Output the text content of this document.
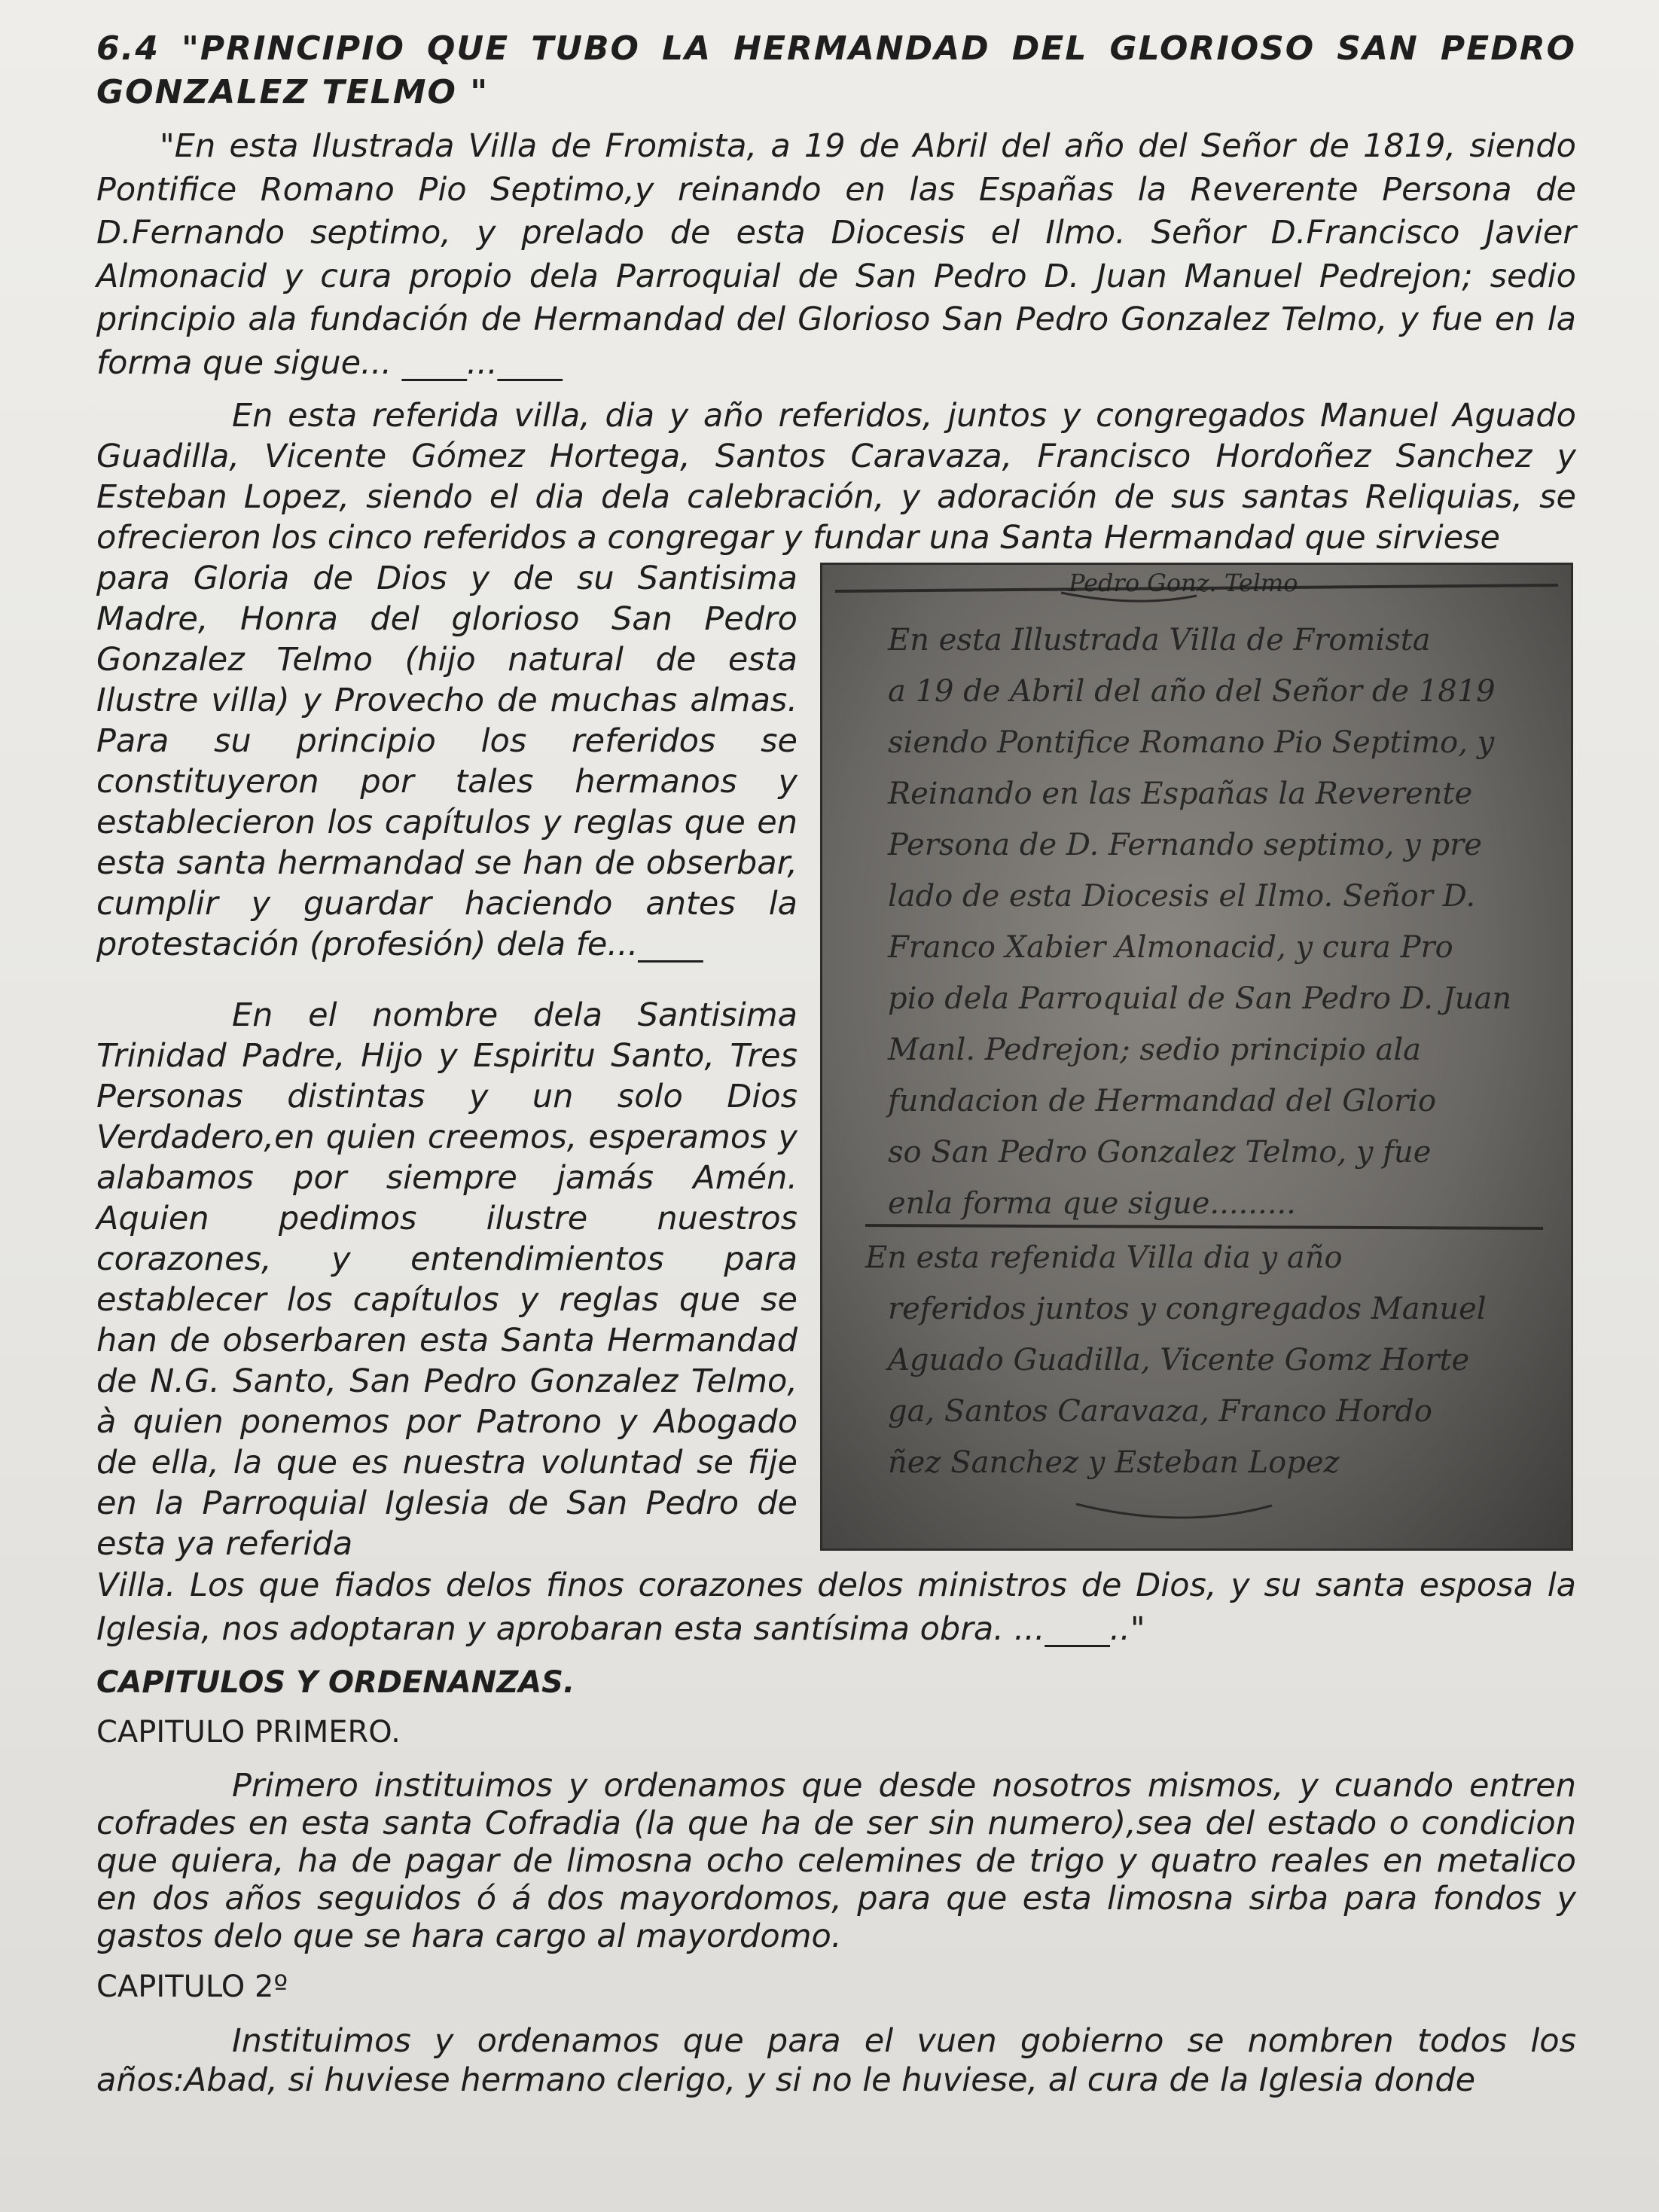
6.4 "PRINCIPIO QUE TUBO LA HERMANDAD DEL GLORIOSO SAN PEDRO GONZALEZ TELMO "

"En esta Ilustrada Villa de Fromista, a 19 de Abril del año del Señor de 1819, siendo Pontifice Romano Pio Septimo,y reinando en las Españas la Reverente Persona de D.Fernando septimo, y prelado de esta Diocesis el Ilmo. Señor D.Francisco Javier Almonacid y cura propio dela Parroquial de San Pedro D. Juan Manuel Pedrejon; sedio principio ala fundación de Hermandad del Glorioso San Pedro Gonzalez Telmo, y fue en la forma que sigue... ____...____

En esta referida villa, dia y año referidos, juntos y congregados Manuel Aguado Guadilla, Vicente Gómez Hortega, Santos Caravaza, Francisco Hordoñez Sanchez y Esteban Lopez, siendo el dia dela calebración, y adoración de sus santas Reliquias, se ofrecieron los cinco referidos a congregar y fundar una Santa Hermandad que sirviese

Pedro Gonz. Telmo
En esta Illustrada Villa de Fromista
a 19 de Abril del año del Señor de 1819
siendo Pontifice Romano Pio Septimo, y
Reinando en las Españas la Reverente
Persona de D. Fernando septimo, y pre
lado de esta Diocesis el Ilmo. Señor D.
Franco Xabier Almonacid, y cura Pro
pio dela Parroquial de San Pedro D. Juan
Manl. Pedrejon; sedio principio ala
fundacion de Hermandad del Glorio
so San Pedro Gonzalez Telmo, y fue
enla forma que sigue.........
En esta refenida Villa dia y año
referidos juntos y congregados Manuel
Aguado Guadilla, Vicente Gomz Horte
ga, Santos Caravaza, Franco Hordo
ñez Sanchez y Esteban Lopez

para Gloria de Dios y de su Santisima Madre, Honra del glorioso San Pedro Gonzalez Telmo (hijo natural de esta Ilustre villa) y Provecho de muchas almas. Para su principio los referidos se constituyeron por tales hermanos y establecieron los capítulos y reglas que en esta santa hermandad se han de obserbar, cumplir y guardar haciendo antes la protestación (profesión) dela fe...____

En el nombre dela Santisima Trinidad Padre, Hijo y Espiritu Santo, Tres Personas distintas y un solo Dios Verdadero,en quien creemos, esperamos y alabamos por siempre jamás Amén. Aquien pedimos ilustre nuestros corazones, y entendimientos para establecer los capítulos y reglas que se han de obserbaren esta Santa Hermandad de N.G. Santo, San Pedro Gonzalez Telmo, à quien ponemos por Patrono y Abogado de ella, la que es nuestra voluntad se fije en la Parroquial Iglesia de San Pedro de esta ya referida

Villa. Los que fiados delos finos corazones delos ministros de Dios, y su santa esposa la Iglesia, nos adoptaran y aprobaran esta santísima obra. ...____.."

CAPITULOS Y ORDENANZAS.
CAPITULO PRIMERO.

Primero instituimos y ordenamos que desde nosotros mismos, y cuando entren cofrades en esta santa Cofradia (la que ha de ser sin numero),sea del estado o condicion que quiera, ha de pagar de limosna ocho celemines de trigo y quatro reales en metalico en dos años seguidos ó á dos mayordomos, para que esta limosna sirba para fondos y gastos delo que se hara cargo al mayordomo.

CAPITULO 2º

Instituimos y ordenamos que para el vuen gobierno se nombren todos los años:Abad, si huviese hermano clerigo, y si no le huviese, al cura de la Iglesia donde
